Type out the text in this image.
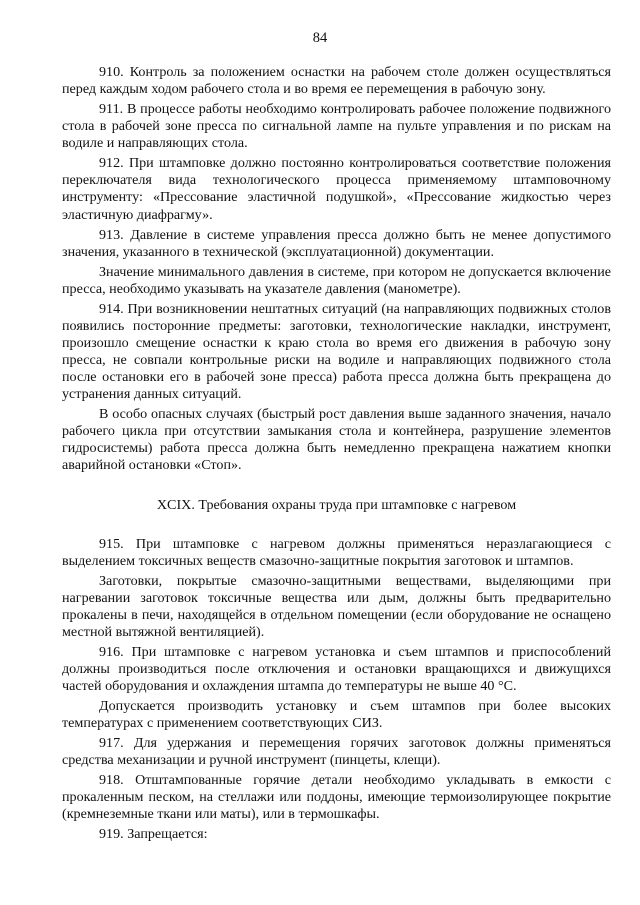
84

910. Контроль за положением оснастки на рабочем столе должен осуществляться перед каждым ходом рабочего стола и во время ее перемещения в рабочую зону.

911. В процессе работы необходимо контролировать рабочее положение подвижного стола в рабочей зоне пресса по сигнальной лампе на пульте управления и по рискам на водиле и направляющих стола.

912. При штамповке должно постоянно контролироваться соответствие положения переключателя вида технологического процесса применяемому штамповочному инструменту: «Прессование эластичной подушкой», «Прессование жидкостью через эластичную диафрагму».

913. Давление в системе управления пресса должно быть не менее допустимого значения, указанного в технической (эксплуатационной) документации.

Значение минимального давления в системе, при котором не допускается включение пресса, необходимо указывать на указателе давления (манометре).

914. При возникновении нештатных ситуаций (на направляющих подвижных столов появились посторонние предметы: заготовки, технологические накладки, инструмент, произошло смещение оснастки к краю стола во время его движения в рабочую зону пресса, не совпали контрольные риски на водиле и направляющих подвижного стола после остановки его в рабочей зоне пресса) работа пресса должна быть прекращена до устранения данных ситуаций.

В особо опасных случаях (быстрый рост давления выше заданного значения, начало рабочего цикла при отсутствии замыкания стола и контейнера, разрушение элементов гидросистемы) работа пресса должна быть немедленно прекращена нажатием кнопки аварийной остановки «Стоп».

XCIX. Требования охраны труда при штамповке с нагревом

915. При штамповке с нагревом должны применяться неразлагающиеся с выделением токсичных веществ смазочно-защитные покрытия заготовок и штампов.

Заготовки, покрытые смазочно-защитными веществами, выделяющими при нагревании заготовок токсичные вещества или дым, должны быть предварительно прокалены в печи, находящейся в отдельном помещении (если оборудование не оснащено местной вытяжной вентиляцией).

916. При штамповке с нагревом установка и съем штампов и приспособлений должны производиться после отключения и остановки вращающихся и движущихся частей оборудования и охлаждения штампа до температуры не выше 40 °С.

Допускается производить установку и съем штампов при более высоких температурах с применением соответствующих СИЗ.

917. Для удержания и перемещения горячих заготовок должны применяться средства механизации и ручной инструмент (пинцеты, клещи).

918. Отштампованные горячие детали необходимо укладывать в емкости с прокаленным песком, на стеллажи или поддоны, имеющие термоизолирующее покрытие (кремнеземные ткани или маты), или в термошкафы.

919. Запрещается:
